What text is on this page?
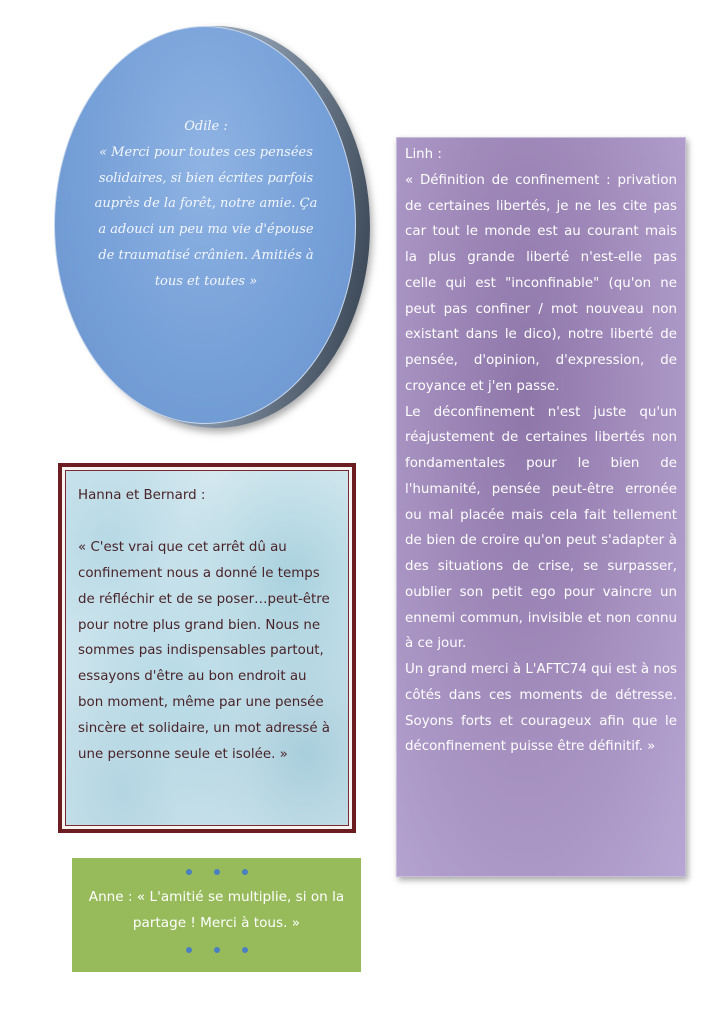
Odile :
« Merci pour toutes ces pensées solidaires, si bien écrites parfois auprès de la forêt, notre amie. Ça a adouci un peu ma vie d'épouse de traumatisé crânien. Amitiés à tous et toutes »

Linh :

« Définition de confinement : privation de certaines libertés, je ne les cite pas car tout le monde est au courant mais la plus grande liberté n'est-elle pas celle qui est "inconfinable" (qu'on ne peut pas confiner / mot nouveau non existant dans le dico), notre liberté de pensée, d'opinion, d'expression, de croyance et j'en passe.

Le déconfinement n'est juste qu'un réajustement de certaines libertés non fondamentales pour le bien de l'humanité, pensée peut-être erronée ou mal placée mais cela fait tellement de bien de croire qu'on peut s'adapter à des situations de crise, se surpasser, oublier son petit ego pour vaincre un ennemi commun, invisible et non connu à ce jour.

Un grand merci à L'AFTC74 qui est à nos côtés dans ces moments de détresse. Soyons forts et courageux afin que le déconfinement puisse être définitif. »

Hanna et Bernard :

« C'est vrai que cet arrêt dû au confinement nous a donné le temps de réfléchir et de se poser…peut-être pour notre plus grand bien. Nous ne sommes pas indispensables partout, essayons d'être au bon endroit au bon moment, même par une pensée sincère et solidaire, un mot adressé à une personne seule et isolée. »

Anne : « L'amitié se multiplie, si on la partage ! Merci à tous. »
